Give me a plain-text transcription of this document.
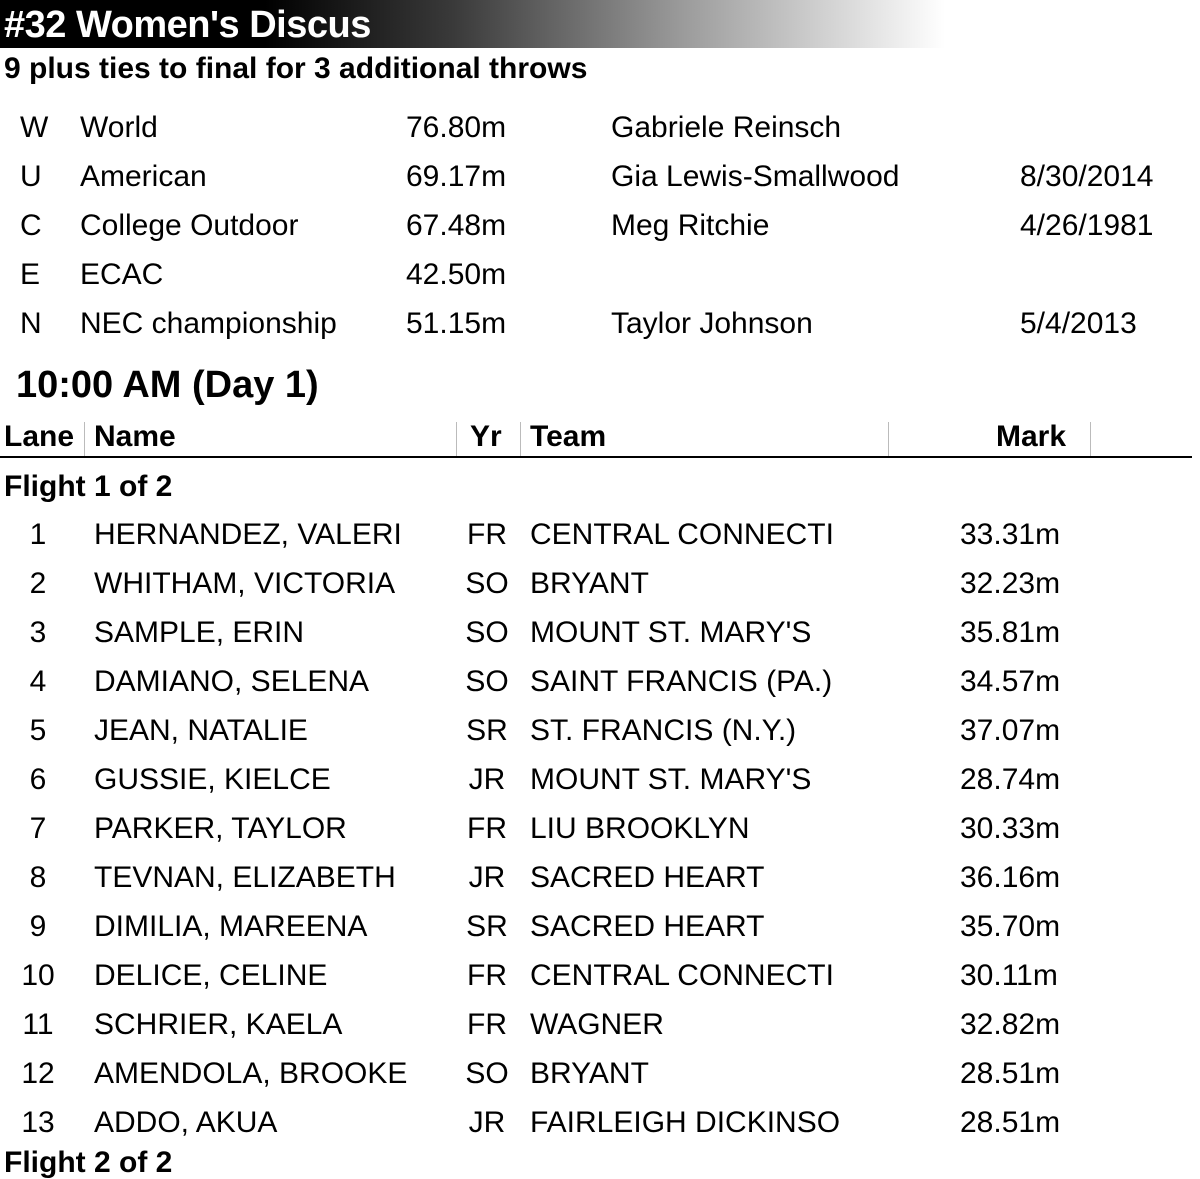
#32 Women's Discus
9 plus ties to final for 3 additional throws
W World	76.80m	Gabriele Reinsch
U American	69.17m	Gia Lewis-Smallwood	8/30/2014
C College Outdoor	67.48m	Meg Ritchie	4/26/1981
E ECAC	42.50m
N NEC championship 51.15m	Taylor Johnson	5/4/2013
10:00 AM (Day 1)
Lane Name	Yr Team	Mark
Flight 1 of 2
1	HERNANDEZ, VALERI FR CENTRAL CONNECTI	33.31m
2	WHITHAM, VICTORIA SO BRYANT	32.23m
3	SAMPLE, ERIN	SO MOUNT ST. MARY'S	35.81m
4	DAMIANO, SELENA	SO SAINT FRANCIS (PA.)	34.57m
5	JEAN, NATALIE	SR ST. FRANCIS (N.Y.)	37.07m
6	GUSSIE, KIELCE	JR MOUNT ST. MARY'S	28.74m
7	PARKER, TAYLOR	FR LIU BROOKLYN	30.33m
8	TEVNAN, ELIZABETH	JR SACRED HEART	36.16m
9	DIMILIA, MAREENA	SR SACRED HEART	35.70m
10	DELICE, CELINE	FR CENTRAL CONNECTI	30.11m
11	SCHRIER, KAELA	FR WAGNER	32.82m
12	AMENDOLA, BROOKE SO BRYANT	28.51m
13	ADDO, AKUA	JR FAIRLEIGH DICKINSO	28.51m
Flight 2 of 2
